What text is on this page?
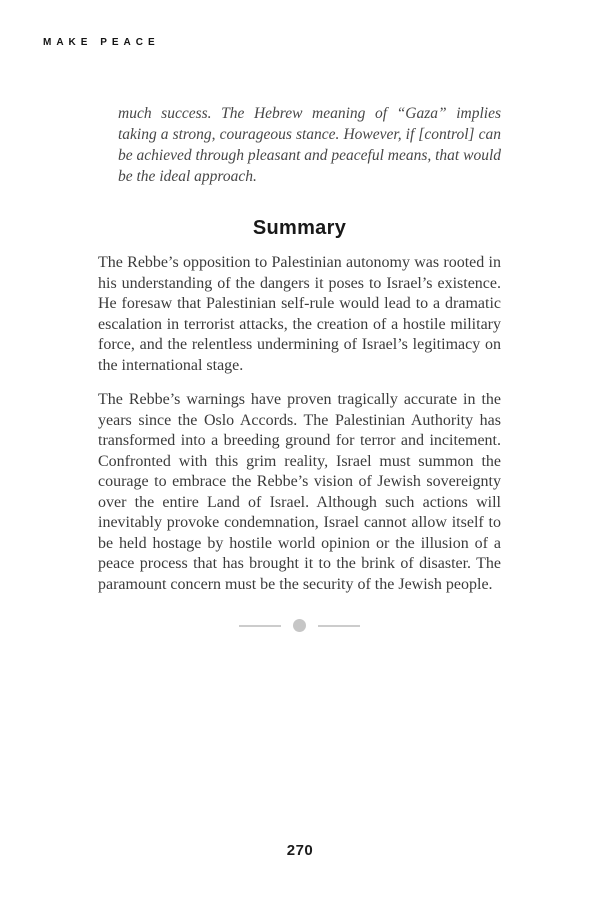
MAKE PEACE

much success. The Hebrew meaning of “Gaza” implies taking a strong, courageous stance. However, if [control] can be achieved through pleasant and peaceful means, that would be the ideal approach.

Summary

The Rebbe’s opposition to Palestinian autonomy was rooted in his understanding of the dangers it poses to Israel’s existence. He foresaw that Palestinian self-rule would lead to a dramatic escalation in terrorist attacks, the creation of a hostile military force, and the relentless undermining of Israel’s legitimacy on the international stage.

The Rebbe’s warnings have proven tragically accurate in the years since the Oslo Accords. The Palestinian Authority has transformed into a breeding ground for terror and incitement. Confronted with this grim reality, Israel must summon the courage to embrace the Rebbe’s vision of Jewish sovereignty over the entire Land of Israel. Although such actions will inevitably provoke condemnation, Israel cannot allow itself to be held hostage by hostile world opinion or the illusion of a peace process that has brought it to the brink of disaster. The paramount concern must be the security of the Jewish people.

270
